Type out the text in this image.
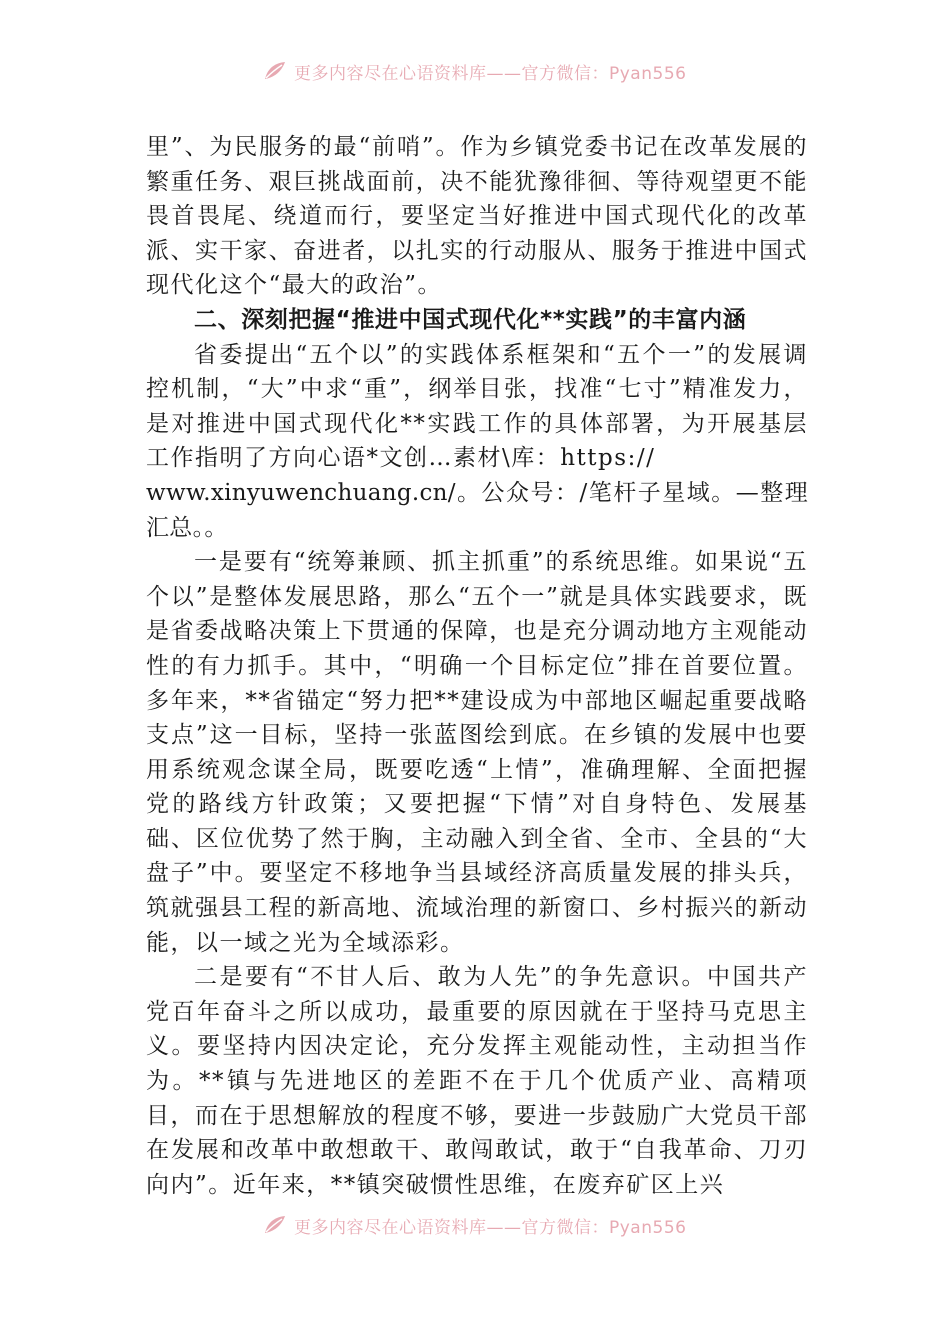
更多内容尽在心语资料库——官方微信：Pyan556

里”、为民服务的最“前哨”。作为乡镇党委书记在改革发展的繁重任务、艰巨挑战面前，决不能犹豫徘徊、等待观望更不能畏首畏尾、绕道而行，要坚定当好推进中国式现代化的改革派、实干家、奋进者，以扎实的行动服从、服务于推进中国式现代化这个“最大的政治”。

二、深刻把握“推进中国式现代化**实践”的丰富内涵

省委提出“五个以”的实践体系框架和“五个一”的发展调控机制，“大”中求“重”，纲举目张，找准“七寸”精准发力，是对推进中国式现代化**实践工作的具体部署，为开展基层工作指明了方向心语*文创…素材\库：https://

www.xinyuwenchuang.cn/。公众号：/笔杆子星域。—整理汇总。。

一是要有“统筹兼顾、抓主抓重”的系统思维。如果说“五个以”是整体发展思路，那么“五个一”就是具体实践要求，既是省委战略决策上下贯通的保障，也是充分调动地方主观能动性的有力抓手。其中，“明确一个目标定位”排在首要位置。多年来，**省锚定“努力把**建设成为中部地区崛起重要战略支点”这一目标，坚持一张蓝图绘到底。在乡镇的发展中也要用系统观念谋全局，既要吃透“上情”，准确理解、全面把握党的路线方针政策；又要把握“下情”对自身特色、发展基础、区位优势了然于胸，主动融入到全省、全市、全县的“大盘子”中。要坚定不移地争当县域经济高质量发展的排头兵，筑就强县工程的新高地、流域治理的新窗口、乡村振兴的新动能，以一域之光为全域添彩。

二是要有“不甘人后、敢为人先”的争先意识。中国共产党百年奋斗之所以成功，最重要的原因就在于坚持马克思主义。要坚持内因决定论，充分发挥主观能动性，主动担当作为。**镇与先进地区的差距不在于几个优质产业、高精项目，而在于思想解放的程度不够，要进一步鼓励广大党员干部在发展和改革中敢想敢干、敢闯敢试，敢于“自我革命、刀刃向内”。近年来，**镇突破惯性思维，在废弃矿区上兴

更多内容尽在心语资料库——官方微信：Pyan556
